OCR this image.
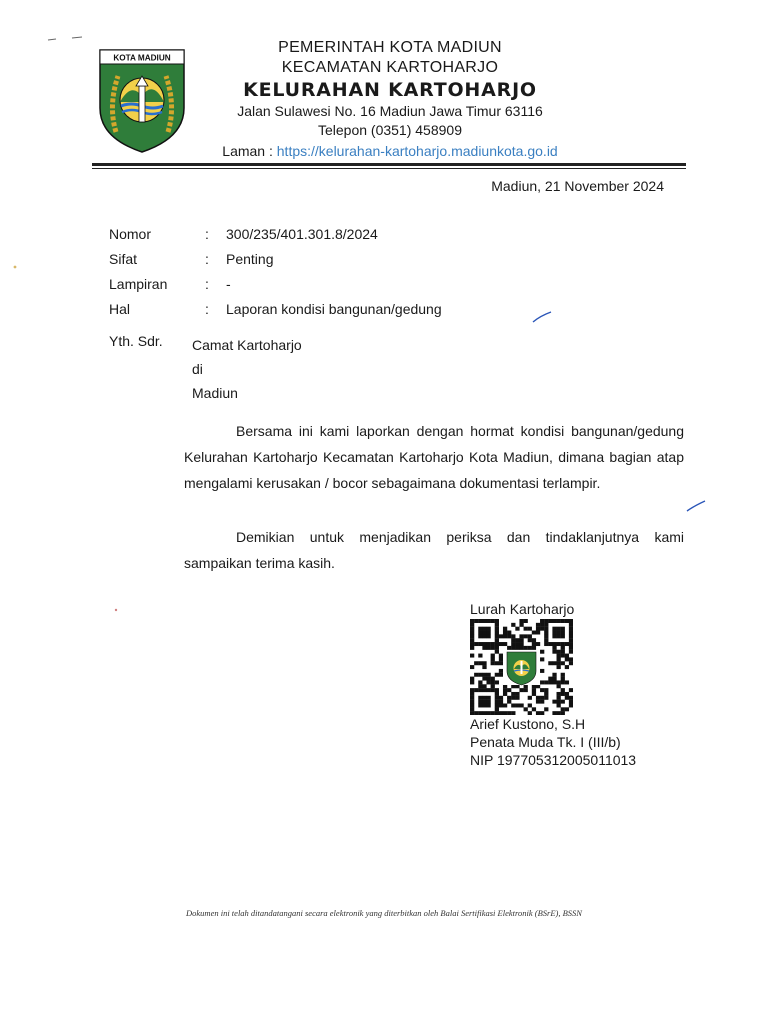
KOTA MADIUN
PEMERINTAH KOTA MADIUN
KECAMATAN KARTOHARJO
KELURAHAN KARTOHARJO
Jalan Sulawesi No. 16 Madiun Jawa Timur 63116
Telepon (0351) 458909
Laman : https://kelurahan-kartoharjo.madiunkota.go.id
Madiun, 21 November 2024
Nomor	: 300/235/401.301.8/2024
Sifat	: Penting
Lampiran	: -
Hal	: Laporan kondisi bangunan/gedung
Yth. Sdr. Camat Kartoharjo
di
Madiun
Bersama ini kami laporkan dengan hormat kondisi bangunan/gedung Kelurahan Kartoharjo Kecamatan Kartoharjo Kota Madiun, dimana bagian atap mengalami kerusakan / bocor sebagaimana dokumentasi terlampir.
Demikian untuk menjadikan periksa dan tindaklanjutnya kami sampaikan terima kasih.
Lurah Kartoharjo
Arief Kustono, S.H
Penata Muda Tk. I (III/b)
NIP 197705312005011013
Dokumen ini telah ditandatangani secara elektronik yang diterbitkan oleh Balai Sertifikasi Elektronik (BSrE), BSSN
